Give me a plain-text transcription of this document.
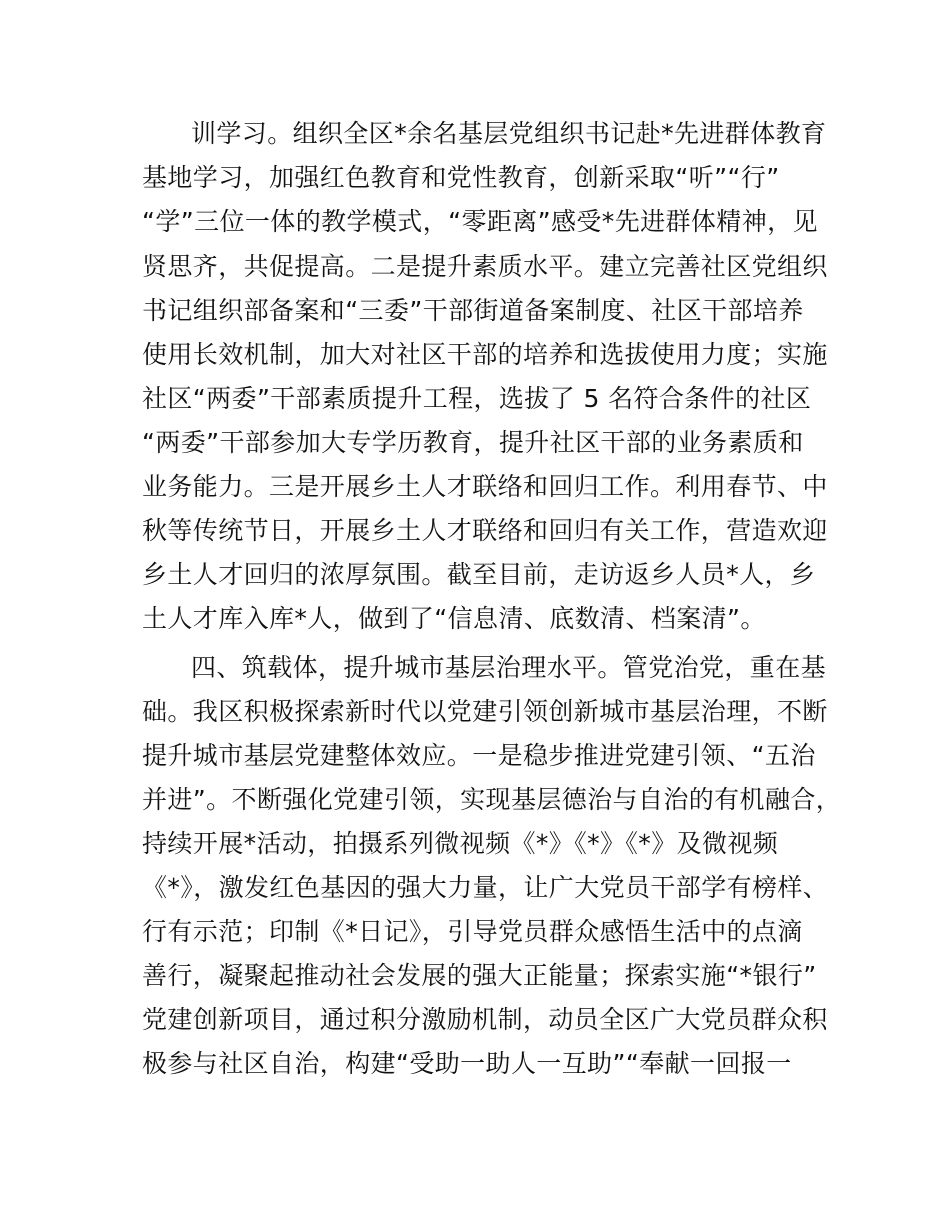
训学习。组织全区*余名基层党组织书记赴*先进群体教育
基地学习，加强红色教育和党性教育，创新采取“听”“行”
“学”三位一体的教学模式，“零距离”感受*先进群体精神，见
贤思齐，共促提高。二是提升素质水平。建立完善社区党组织
书记组织部备案和“三委”干部街道备案制度、社区干部培养
使用长效机制，加大对社区干部的培养和选拔使用力度；实施
社区“两委”干部素质提升工程，选拔了 5 名符合条件的社区
“两委”干部参加大专学历教育，提升社区干部的业务素质和
业务能力。三是开展乡土人才联络和回归工作。利用春节、中
秋等传统节日，开展乡土人才联络和回归有关工作，营造欢迎
乡土人才回归的浓厚氛围。截至目前，走访返乡人员*人，乡
土人才库入库*人，做到了“信息清、底数清、档案清”。
四、筑载体，提升城市基层治理水平。管党治党，重在基
础。我区积极探索新时代以党建引领创新城市基层治理，不断
提升城市基层党建整体效应。一是稳步推进党建引领、“五治
并进”。不断强化党建引领，实现基层德治与自治的有机融合，
持续开展*活动，拍摄系列微视频《*》《*》《*》及微视频
《*》，激发红色基因的强大力量，让广大党员干部学有榜样、
行有示范；印制《*日记》，引导党员群众感悟生活中的点滴
善行，凝聚起推动社会发展的强大正能量；探索实施“*银行”
党建创新项目，通过积分激励机制，动员全区广大党员群众积
极参与社区自治，构建“受助一助人一互助”“奉献一回报一
